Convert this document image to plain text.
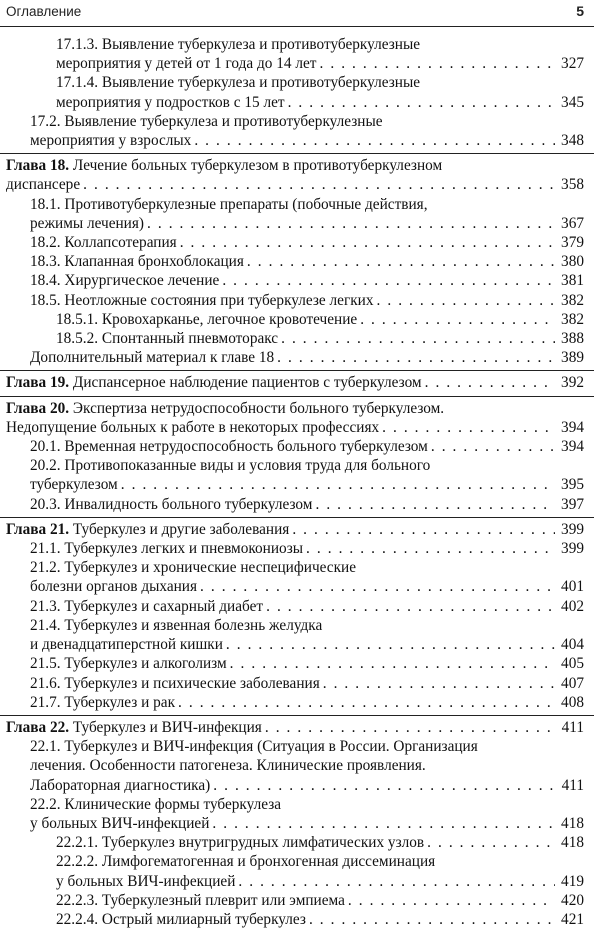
Оглавление	5
17.1.3. Выявление туберкулеза и противотуберкулезные
мероприятия у детей от 1 года до 14 лет . . .	327
17.1.4. Выявление туберкулеза и противотуберкулезные
мероприятия у подростков с 15 лет . . .	345
17.2. Выявление туберкулеза и противотуберкулезные
мероприятия у взрослых . . .	348
Глава 18. Лечение больных туберкулезом в противотуберкулезном
диспансере . . .	358
18.1. Противотуберкулезные препараты (побочные действия,
режимы лечения) . . .	367
18.2. Коллапсотерапия . . .	379
18.3. Клапанная бронхоблокация . . .	380
18.4. Хирургическое лечение . . .	381
18.5. Неотложные состояния при туберкулезе легких . . .	382
18.5.1. Кровохарканье, легочное кровотечение . . .	382
18.5.2. Спонтанный пневмоторакс . . .	388
Дополнительный материал к главе 18 . . .	389
Глава 19. Диспансерное наблюдение пациентов с туберкулезом . . .	392
Глава 20. Экспертиза нетрудоспособности больного туберкулезом.
Недопущение больных к работе в некоторых профессиях . . .	394
20.1. Временная нетрудоспособность больного туберкулезом . . .	394
20.2. Противопоказанные виды и условия труда для больного
туберкулезом . . .	395
20.3. Инвалидность больного туберкулезом . . .	397
Глава 21. Туберкулез и другие заболевания . . .	399
21.1. Туберкулез легких и пневмокониозы . . .	399
21.2. Туберкулез и хронические неспецифические
болезни органов дыхания . . .	401
21.3. Туберкулез и сахарный диабет . . .	402
21.4. Туберкулез и язвенная болезнь желудка
и двенадцатиперстной кишки . . .	404
21.5. Туберкулез и алкоголизм . . .	405
21.6. Туберкулез и психические заболевания . . .	407
21.7. Туберкулез и рак . . .	408
Глава 22. Туберкулез и ВИЧ-инфекция . . .	411
22.1. Туберкулез и ВИЧ-инфекция (Ситуация в России. Организация
лечения. Особенности патогенеза. Клинические проявления.
Лабораторная диагностика) . . .	411
22.2. Клинические формы туберкулеза
у больных ВИЧ-инфекцией . . .	418
22.2.1. Туберкулез внутригрудных лимфатических узлов . . .	418
22.2.2. Лимфогематогенная и бронхогенная диссеминация
у больных ВИЧ-инфекцией . . .	419
22.2.3. Туберкулезный плеврит или эмпиема . . .	420
22.2.4. Острый милиарный туберкулез . . .	421
